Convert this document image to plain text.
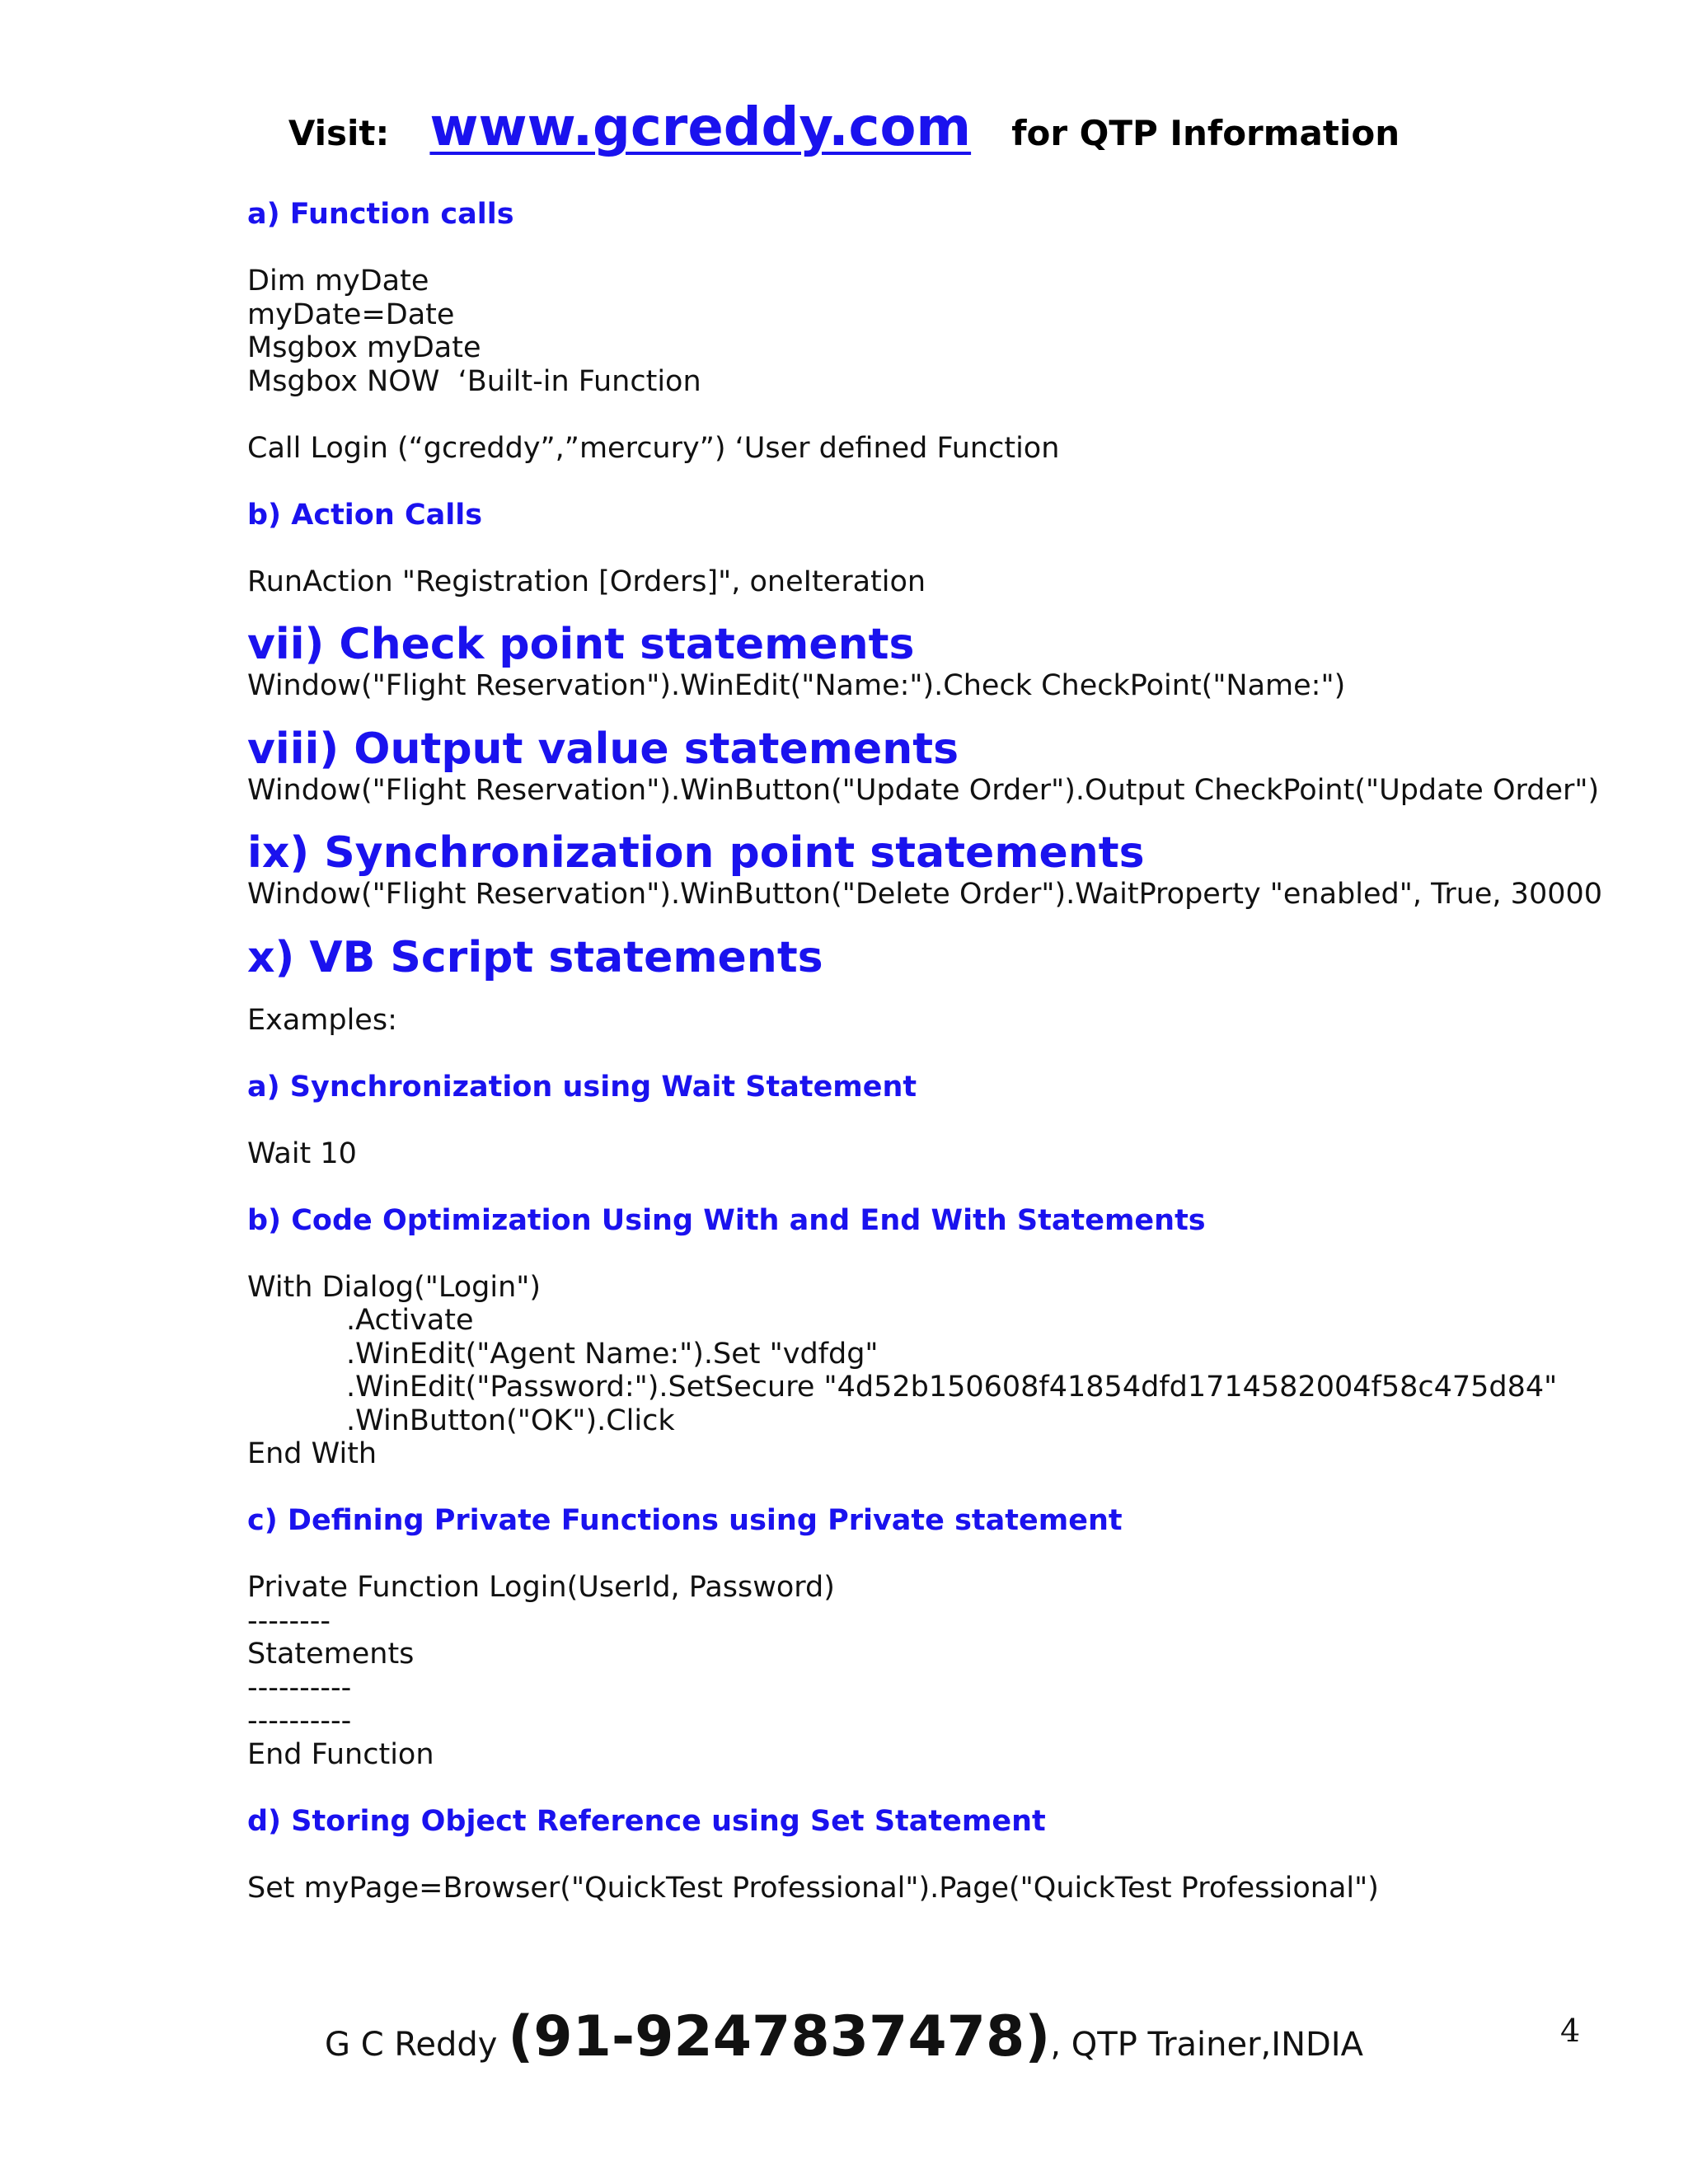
Visit: www.gcreddy.com for QTP Information
a) Function calls
Dim myDate
myDate=Date
Msgbox myDate
Msgbox NOW  ‘Built-in Function
Call Login (“gcreddy”,”mercury”) ‘User defined Function
b) Action Calls
RunAction "Registration [Orders]", oneIteration
vii) Check point statements
Window("Flight Reservation").WinEdit("Name:").Check CheckPoint("Name:")
viii) Output value statements
Window("Flight Reservation").WinButton("Update Order").Output CheckPoint("Update Order")
ix) Synchronization point statements
Window("Flight Reservation").WinButton("Delete Order").WaitProperty "enabled", True, 30000
x) VB Script statements
Examples:
a) Synchronization using Wait Statement
Wait 10
b) Code Optimization Using With and End With Statements
With Dialog("Login")
.Activate
.WinEdit("Agent Name:").Set "vdfdg"
.WinEdit("Password:").SetSecure "4d52b150608f41854dfd1714582004f58c475d84"
.WinButton("OK").Click
End With
c) Defining Private Functions using Private statement
Private Function Login(UserId, Password)
--------
Statements
----------
----------
End Function
d) Storing Object Reference using Set Statement
Set myPage=Browser("QuickTest Professional").Page("QuickTest Professional")
G C Reddy (91-9247837478), QTP Trainer,INDIA	4
